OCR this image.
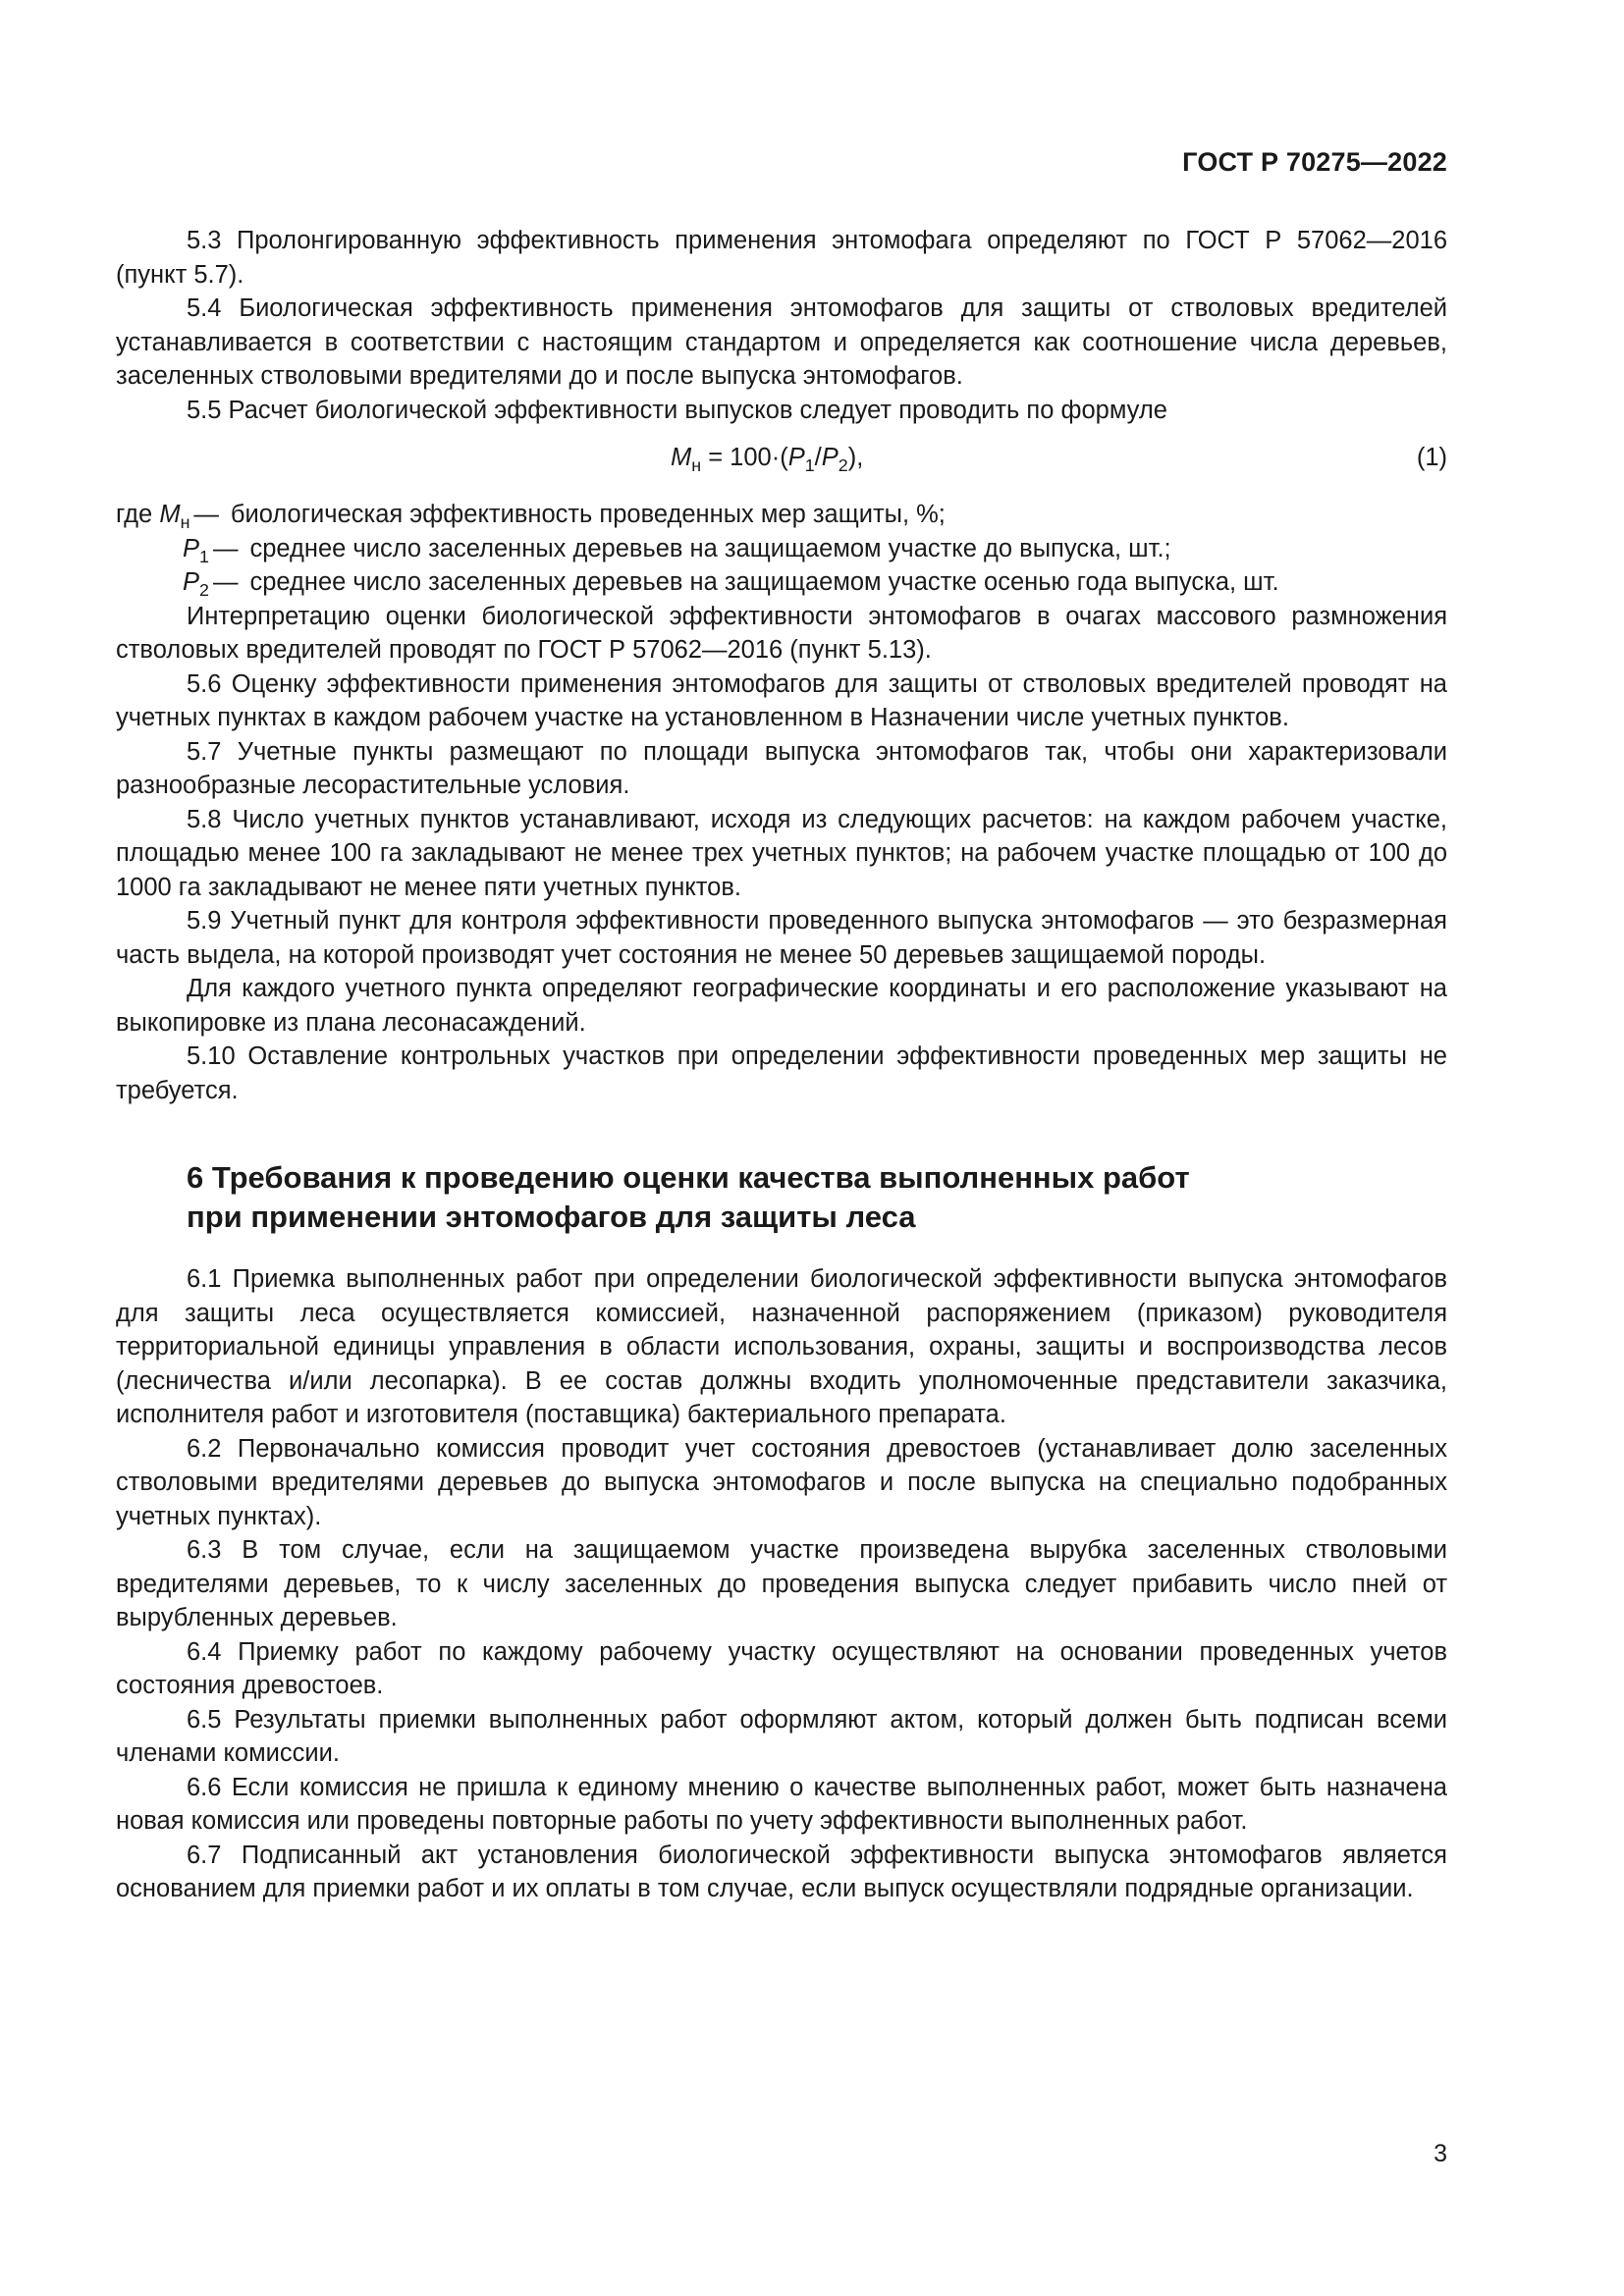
ГОСТ Р 70275—2022

5.3 Пролонгированную эффективность применения энтомофага определяют по ГОСТ Р 57062—2016 (пункт 5.7).

5.4 Биологическая эффективность применения энтомофагов для защиты от стволовых вредителей устанавливается в соответствии с настоящим стандартом и определяется как соотношение числа деревьев, заселенных стволовыми вредителями до и после выпуска энтомофагов.

5.5 Расчет биологической эффективности выпусков следует проводить по формуле

$М_н = 100\cdot(P_1/P_2)$,	(1)
где $М_н$ — биологическая эффективность проведенных мер защиты, %;
$P_1$ — среднее число заселенных деревьев на защищаемом участке до выпуска, шт.;
$P_2$ — среднее число заселенных деревьев на защищаемом участке осенью года выпуска, шт.

Интерпретацию оценки биологической эффективности энтомофагов в очагах массового размножения стволовых вредителей проводят по ГОСТ Р 57062—2016 (пункт 5.13).

5.6 Оценку эффективности применения энтомофагов для защиты от стволовых вредителей проводят на учетных пунктах в каждом рабочем участке на установленном в Назначении числе учетных пунктов.

5.7 Учетные пункты размещают по площади выпуска энтомофагов так, чтобы они характеризовали разнообразные лесорастительные условия.

5.8 Число учетных пунктов устанавливают, исходя из следующих расчетов: на каждом рабочем участке, площадью менее 100 га закладывают не менее трех учетных пунктов; на рабочем участке площадью от 100 до 1000 га закладывают не менее пяти учетных пунктов.

5.9 Учетный пункт для контроля эффективности проведенного выпуска энтомофагов — это безразмерная часть выдела, на которой производят учет состояния не менее 50 деревьев защищаемой породы.

Для каждого учетного пункта определяют географические координаты и его расположение указывают на выкопировке из плана лесонасаждений.

5.10 Оставление контрольных участков при определении эффективности проведенных мер защиты не требуется.

6 Требования к проведению оценки качества выполненных работ
при применении энтомофагов для защиты леса

6.1 Приемка выполненных работ при определении биологической эффективности выпуска энтомофагов для защиты леса осуществляется комиссией, назначенной распоряжением (приказом) руководителя территориальной единицы управления в области использования, охраны, защиты и воспроизводства лесов (лесничества и/или лесопарка). В ее состав должны входить уполномоченные представители заказчика, исполнителя работ и изготовителя (поставщика) бактериального препарата.

6.2 Первоначально комиссия проводит учет состояния древостоев (устанавливает долю заселенных стволовыми вредителями деревьев до выпуска энтомофагов и после выпуска на специально подобранных учетных пунктах).

6.3 В том случае, если на защищаемом участке произведена вырубка заселенных стволовыми вредителями деревьев, то к числу заселенных до проведения выпуска следует прибавить число пней от вырубленных деревьев.

6.4 Приемку работ по каждому рабочему участку осуществляют на основании проведенных учетов состояния древостоев.

6.5 Результаты приемки выполненных работ оформляют актом, который должен быть подписан всеми членами комиссии.

6.6 Если комиссия не пришла к единому мнению о качестве выполненных работ, может быть назначена новая комиссия или проведены повторные работы по учету эффективности выполненных работ.

6.7 Подписанный акт установления биологической эффективности выпуска энтомофагов является основанием для приемки работ и их оплаты в том случае, если выпуск осуществляли подрядные организации.

3
